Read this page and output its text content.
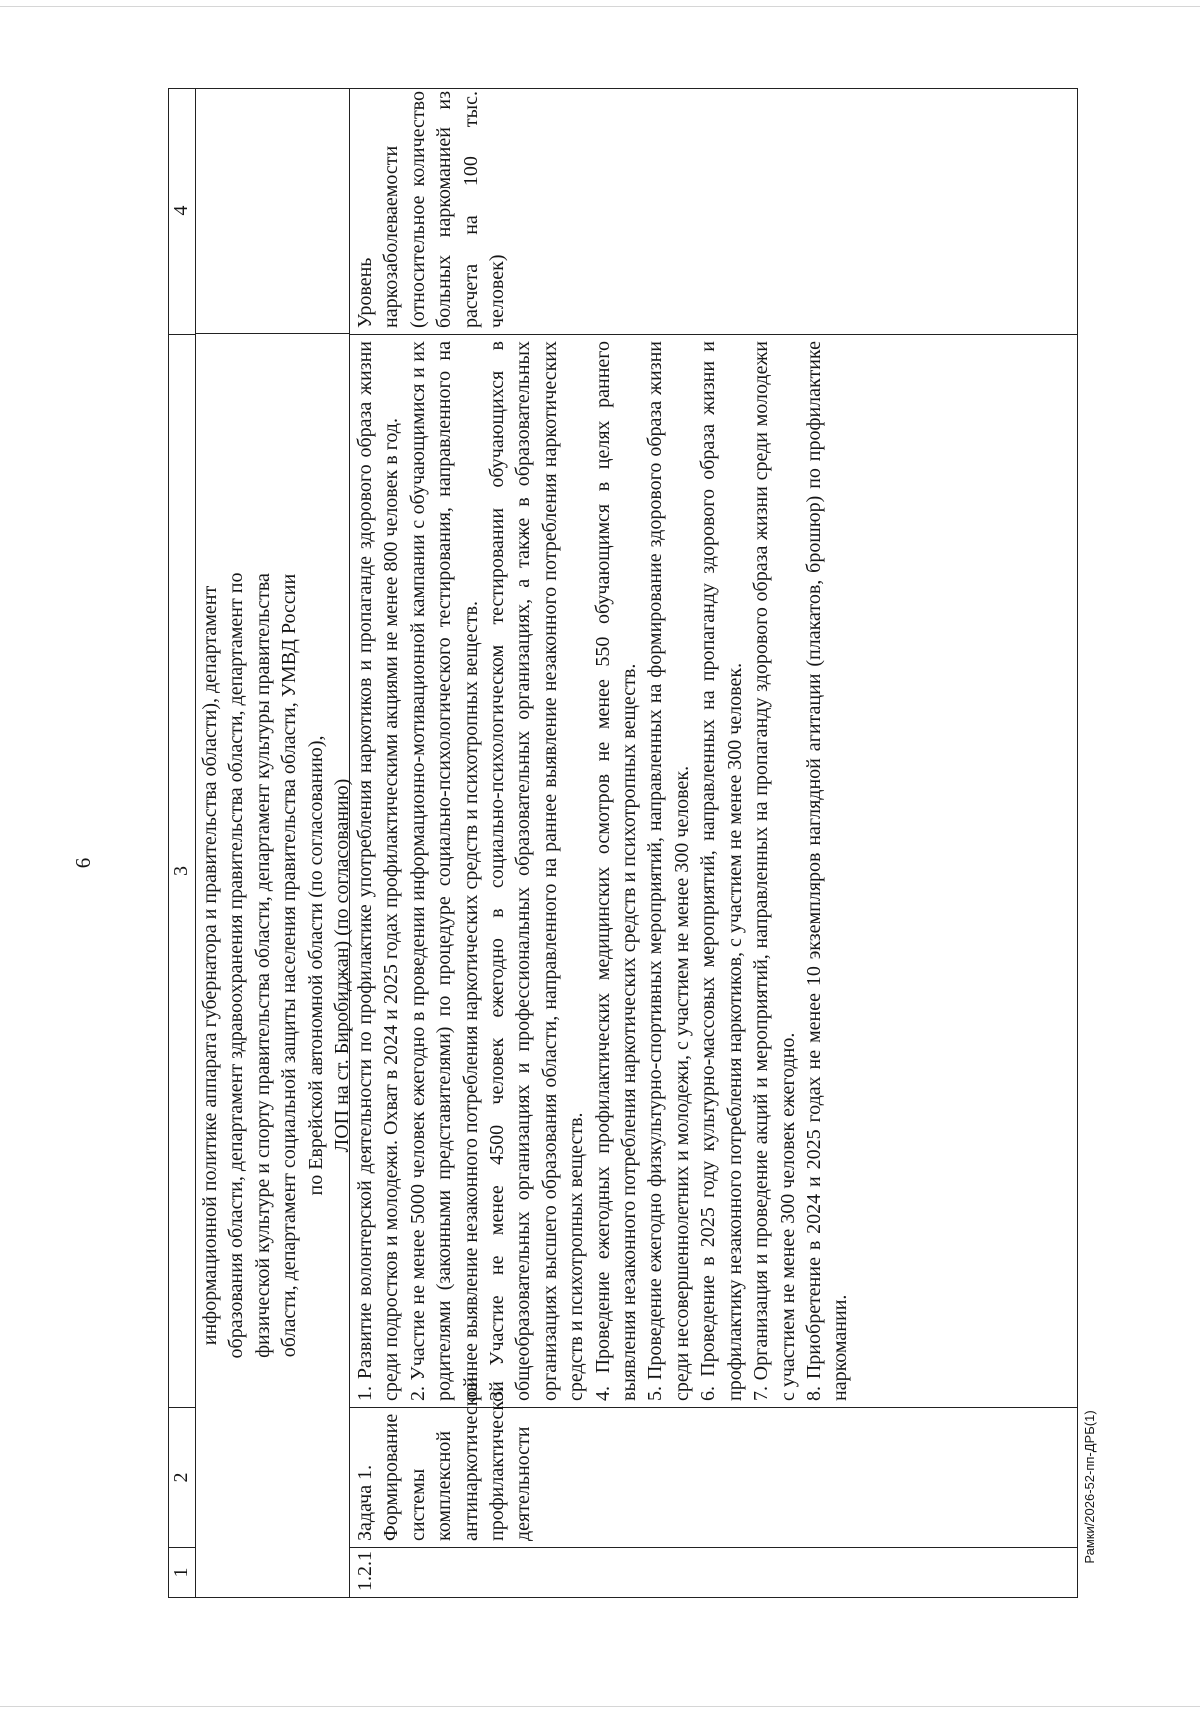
6
Рамки/2026-52-пп-ДРБ(1)
1
2
3
4
информационной политике аппарата губернатора и правительства области), департамент образования области, департамент здравоохранения правительства области, департамент по физической культуре и спорту правительства области, департамент культуры правительства области, департамент социальной защиты населения правительства области, УМВД России по Еврейской автономной области (по согласованию), ЛОП на ст. Биробиджан) (по согласованию)
1.2.1
Задача 1. Формирование системы комплексной антинаркотической профилактической деятельности

1. Развитие волонтерской деятельности по профилактике употребления наркотиков и пропаганде здорового образа жизни среди подростков и молодежи. Охват в 2024 и 2025 годах профилактическими акциями не менее 800 человек в год. 2. Участие не менее 5000 человек ежегодно в проведении информационно-мотивационной кампании с обучающимися и их родителями (законными представителями) по процедуре социально-психологического тестирования, направленного на раннее выявление незаконного потребления наркотических средств и психотропных веществ. 3. Участие не менее 4500 человек ежегодно в социально-психологическом тестировании обучающихся в общеобразовательных организациях и профессиональных образовательных организациях, а также в образовательных организациях высшего образования области, направленного на раннее выявление незаконного потребления наркотических средств и психотропных веществ. 4. Проведение ежегодных профилактических медицинских осмотров не менее 550 обучающимся в целях раннего выявления незаконного потребления наркотических средств и психотропных веществ. 5. Проведение ежегодно физкультурно-спортивных мероприятий, направленных на формирование здорового образа жизни среди несовершеннолетних и молодежи, с участием не менее 300 человек. 6. Проведение в 2025 году культурно-массовых мероприятий, направленных на пропаганду здорового образа жизни и профилактику незаконного потребления наркотиков, с участием не менее 300 человек. 7. Организация и проведение акций и мероприятий, направленных на пропаганду здорового образа жизни среди молодежи с участием не менее 300 человек ежегодно. 8. Приобретение в 2024 и 2025 годах не менее 10 экземпляров наглядной агитации (плакатов, брошюр) по профилактике наркомании.

Уровень наркозаболеваемости (относительное количество больных наркоманией из расчета на 100 тыс. человек)
